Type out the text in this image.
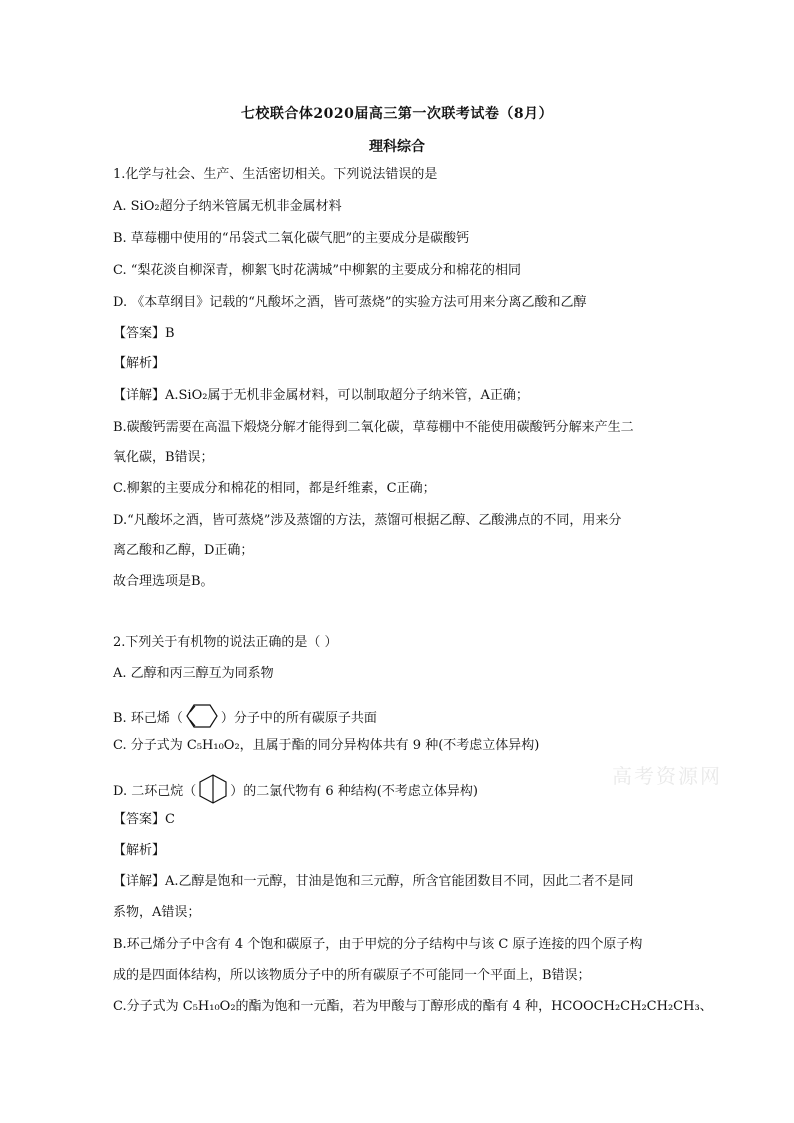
七校联合体2020届高三第一次联考试卷（8月）
理科综合
1.化学与社会、生产、生活密切相关。下列说法错误的是
A. SiO₂超分子纳米管属无机非金属材料
B. 草莓棚中使用的“吊袋式二氧化碳气肥”的主要成分是碳酸钙
C. “梨花淡自柳深青，柳絮飞时花满城”中柳絮的主要成分和棉花的相同
D. 《本草纲目》记载的“凡酸坏之酒，皆可蒸烧”的实验方法可用来分离乙酸和乙醇
【答案】B
【解析】
【详解】A.SiO₂属于无机非金属材料，可以制取超分子纳米管，A正确；
B.碳酸钙需要在高温下煅烧分解才能得到二氧化碳，草莓棚中不能使用碳酸钙分解来产生二
氧化碳，B错误；
C.柳絮的主要成分和棉花的相同，都是纤维素，C正确；
D.“凡酸坏之酒，皆可蒸烧”涉及蒸馏的方法，蒸馏可根据乙醇、乙酸沸点的不同，用来分
离乙酸和乙醇，D正确；
故合理选项是B。
2.下列关于有机物的说法正确的是（ ）
A. 乙醇和丙三醇互为同系物
B. 环己烯（	）分子中的所有碳原子共面
C. 分子式为 C₅H₁₀O₂，且属于酯的同分异构体共有 9 种(不考虑立体异构)
D. 二环己烷（	）的二氯代物有 6 种结构(不考虑立体异构)
【答案】C
【解析】
【详解】A.乙醇是饱和一元醇，甘油是饱和三元醇，所含官能团数目不同，因此二者不是同
系物，A错误；
B.环己烯分子中含有 4 个饱和碳原子，由于甲烷的分子结构中与该 C 原子连接的四个原子构
成的是四面体结构，所以该物质分子中的所有碳原子不可能同一个平面上，B错误；
C.分子式为 C₅H₁₀O₂的酯为饱和一元酯，若为甲酸与丁醇形成的酯有 4 种，HCOOCH₂CH₂CH₂CH₃、
高考资源网
